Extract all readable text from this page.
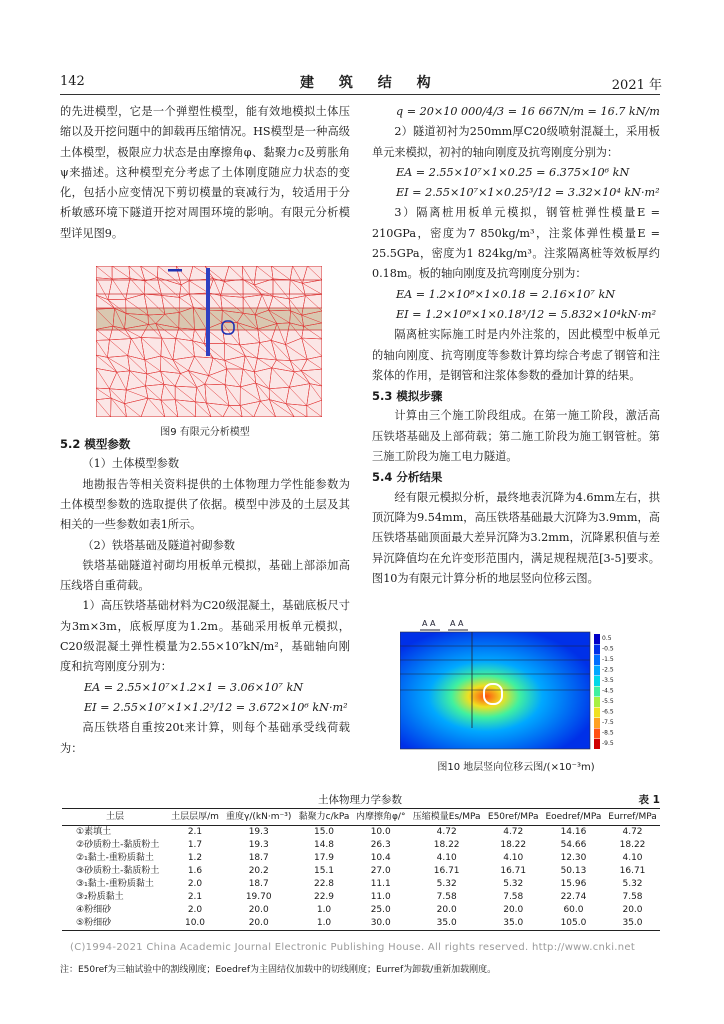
142	建 筑 结 构	2021 年

的先进模型，它是一个弹塑性模型，能有效地模拟土体压缩以及开挖问题中的卸载再压缩情况。HS模型是一种高级土体模型，极限应力状态是由摩擦角φ、黏聚力c及剪胀角ψ来描述。这种模型充分考虑了土体刚度随应力状态的变化，包括小应变情况下剪切模量的衰减行为，较适用于分析敏感环境下隧道开挖对周围环境的影响。有限元分析模型详见图9。

5.2 模型参数

（1）土体模型参数

地勘报告等相关资料提供的土体物理力学性能参数为土体模型参数的选取提供了依据。模型中涉及的土层及其相关的一些参数如表1所示。

（2）铁塔基础及隧道衬砌参数

铁塔基础隧道衬砌均用板单元模拟，基础上部添加高压线塔自重荷载。

1）高压铁塔基础材料为C20级混凝土，基础底板尺寸为3m×3m，底板厚度为1.2m。基础采用板单元模拟，C20级混凝土弹性模量为2.55×10⁷kN/m²，基础轴向刚度和抗弯刚度分别为：

EA = 2.55×10⁷×1.2×1 = 3.06×10⁷ kN

EI = 2.55×10⁷×1×1.2³/12 = 3.672×10⁶ kN·m²

高压铁塔自重按20t来计算，则每个基础承受线荷载为：

图9 有限元分析模型

q = 20×10 000/4/3 = 16 667N/m = 16.7 kN/m

2）隧道初衬为250mm厚C20级喷射混凝土，采用板单元来模拟，初衬的轴向刚度及抗弯刚度分别为：

EA = 2.55×10⁷×1×0.25 = 6.375×10⁶ kN

EI = 2.55×10⁷×1×0.25³/12 = 3.32×10⁴ kN·m²

3）隔离桩用板单元模拟，钢管桩弹性模量E = 210GPa，密度为7 850kg/m³，注浆体弹性模量E = 25.5GPa，密度为1 824kg/m³。注浆隔离桩等效板厚约0.18m。板的轴向刚度及抗弯刚度分别为：

EA = 1.2×10⁸×1×0.18 = 2.16×10⁷ kN

EI = 1.2×10⁸×1×0.18³/12 = 5.832×10⁴kN·m²

隔离桩实际施工时是内外注浆的，因此模型中板单元的轴向刚度、抗弯刚度等参数计算均综合考虑了钢管和注浆体的作用，是钢管和注浆体参数的叠加计算的结果。

5.3 模拟步骤

计算由三个施工阶段组成。在第一施工阶段，激活高压铁塔基础及上部荷载；第二施工阶段为施工钢管桩。第三施工阶段为施工电力隧道。

5.4 分析结果

经有限元模拟分析，最终地表沉降为4.6mm左右，拱顶沉降为9.54mm，高压铁塔基础最大沉降为3.9mm，高压铁塔基础顶面最大差异沉降为3.2mm，沉降累积值与差异沉降值均在允许变形范围内，满足规程规范[3-5]要求。图10为有限元计算分析的地层竖向位移云图。

A A A A
0.5
-0.5
-1.5
-2.5
-3.5
-4.5
-5.5
-6.5
-7.5
-8.5
-9.5
图10 地层竖向位移云图/(×10⁻³m)
土体物理力学参数	表 1
土层	土层层厚/m	重度γ/(kN·m⁻³)	黏聚力c/kPa	内摩擦角φ/°	压缩模量Es/MPa	E50ref/MPa	Eoedref/MPa	Eurref/MPa
①素填土	2.1	19.3	15.0	10.0	4.72	4.72	14.16	4.72
②砂质粉土-黏质粉土	1.7	19.3	14.8	26.3	18.22	18.22	54.66	18.22
②₁黏土-重粉质黏土	1.2	18.7	17.9	10.4	4.10	4.10	12.30	4.10
③砂质粉土-黏质粉土	1.6	20.2	15.1	27.0	16.71	16.71	50.13	16.71
③₁黏土-重粉质黏土	2.0	18.7	22.8	11.1	5.32	5.32	15.96	5.32
③₂粉质黏土	2.1	19.70	22.9	11.0	7.58	7.58	22.74	7.58
④粉细砂	2.0	20.0	1.0	25.0	20.0	20.0	60.0	20.0
⑤粉细砂	10.0	20.0	1.0	30.0	35.0	35.0	105.0	35.0
(C)1994-2021 China Academic Journal Electronic Publishing House. All rights reserved. http://www.cnki.net
注：E50ref为三轴试验中的割线刚度；Eoedref为主固结仪加载中的切线刚度；Eurref为卸载/重新加载刚度。
